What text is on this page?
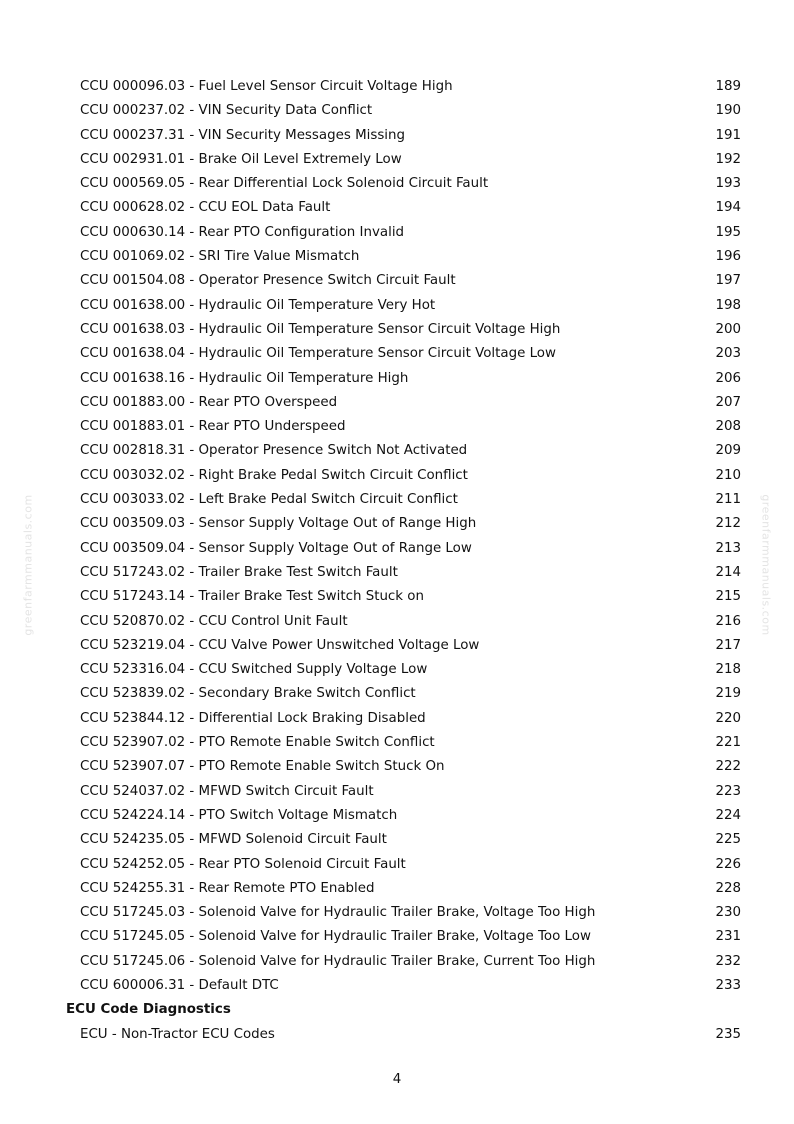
greenfarmmanuals.com	greenfarmmanuals.com
CCU 000096.03 - Fuel Level Sensor Circuit Voltage High	189
CCU 000237.02 - VIN Security Data Conflict	190
CCU 000237.31 - VIN Security Messages Missing	191
CCU 002931.01 - Brake Oil Level Extremely Low	192
CCU 000569.05 - Rear Differential Lock Solenoid Circuit Fault	193
CCU 000628.02 - CCU EOL Data Fault	194
CCU 000630.14 - Rear PTO Configuration Invalid	195
CCU 001069.02 - SRI Tire Value Mismatch	196
CCU 001504.08 - Operator Presence Switch Circuit Fault	197
CCU 001638.00 - Hydraulic Oil Temperature Very Hot	198
CCU 001638.03 - Hydraulic Oil Temperature Sensor Circuit Voltage High	200
CCU 001638.04 - Hydraulic Oil Temperature Sensor Circuit Voltage Low	203
CCU 001638.16 - Hydraulic Oil Temperature High	206
CCU 001883.00 - Rear PTO Overspeed	207
CCU 001883.01 - Rear PTO Underspeed	208
CCU 002818.31 - Operator Presence Switch Not Activated	209
CCU 003032.02 - Right Brake Pedal Switch Circuit Conflict	210
CCU 003033.02 - Left Brake Pedal Switch Circuit Conflict	211
CCU 003509.03 - Sensor Supply Voltage Out of Range High	212
CCU 003509.04 - Sensor Supply Voltage Out of Range Low	213
CCU 517243.02 - Trailer Brake Test Switch Fault	214
CCU 517243.14 - Trailer Brake Test Switch Stuck on	215
CCU 520870.02 - CCU Control Unit Fault	216
CCU 523219.04 - CCU Valve Power Unswitched Voltage Low	217
CCU 523316.04 - CCU Switched Supply Voltage Low	218
CCU 523839.02 - Secondary Brake Switch Conflict	219
CCU 523844.12 - Differential Lock Braking Disabled	220
CCU 523907.02 - PTO Remote Enable Switch Conflict	221
CCU 523907.07 - PTO Remote Enable Switch Stuck On	222
CCU 524037.02 - MFWD Switch Circuit Fault	223
CCU 524224.14 - PTO Switch Voltage Mismatch	224
CCU 524235.05 - MFWD Solenoid Circuit Fault	225
CCU 524252.05 - Rear PTO Solenoid Circuit Fault	226
CCU 524255.31 - Rear Remote PTO Enabled	228
CCU 517245.03 - Solenoid Valve for Hydraulic Trailer Brake, Voltage Too High	230
CCU 517245.05 - Solenoid Valve for Hydraulic Trailer Brake, Voltage Too Low	231
CCU 517245.06 - Solenoid Valve for Hydraulic Trailer Brake, Current Too High	232
CCU 600006.31 - Default DTC	233
ECU Code Diagnostics
ECU - Non-Tractor ECU Codes	235
4
